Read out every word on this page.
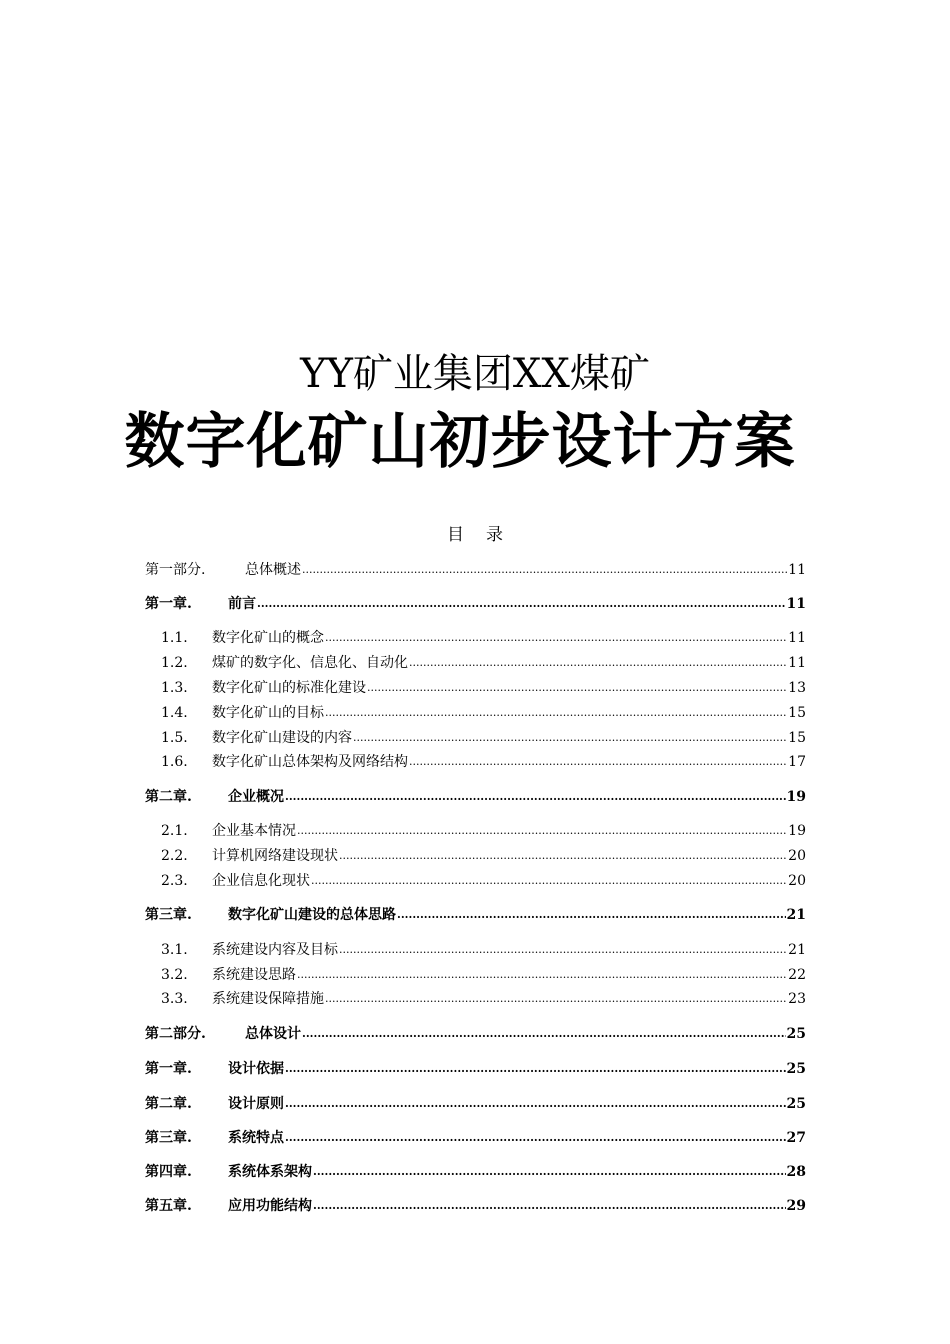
YY矿业集团XX煤矿
数字化矿山初步设计方案
目 录
第一部分.	总体概述 .....	11
第一章.	前言 .....	11
1.1.	数字化矿山的概念 .....	11
1.2.	煤矿的数字化、信息化、自动化 .....	11
1.3.	数字化矿山的标准化建设 .....	13
1.4.	数字化矿山的目标 .....	15
1.5.	数字化矿山建设的内容 .....	15
1.6.	数字化矿山总体架构及网络结构 .....	17
第二章.	企业概况 .....	19
2.1.	企业基本情况 .....	19
2.2.	计算机网络建设现状 .....	20
2.3.	企业信息化现状 .....	20
第三章.	数字化矿山建设的总体思路 .....	21
3.1.	系统建设内容及目标 .....	21
3.2.	系统建设思路 .....	22
3.3.	系统建设保障措施 .....	23
第二部分.	总体设计 .....	25
第一章.	设计依据 .....	25
第二章.	设计原则 .....	25
第三章.	系统特点 .....	27
第四章.	系统体系架构 .....	28
第五章.	应用功能结构 .....	29
